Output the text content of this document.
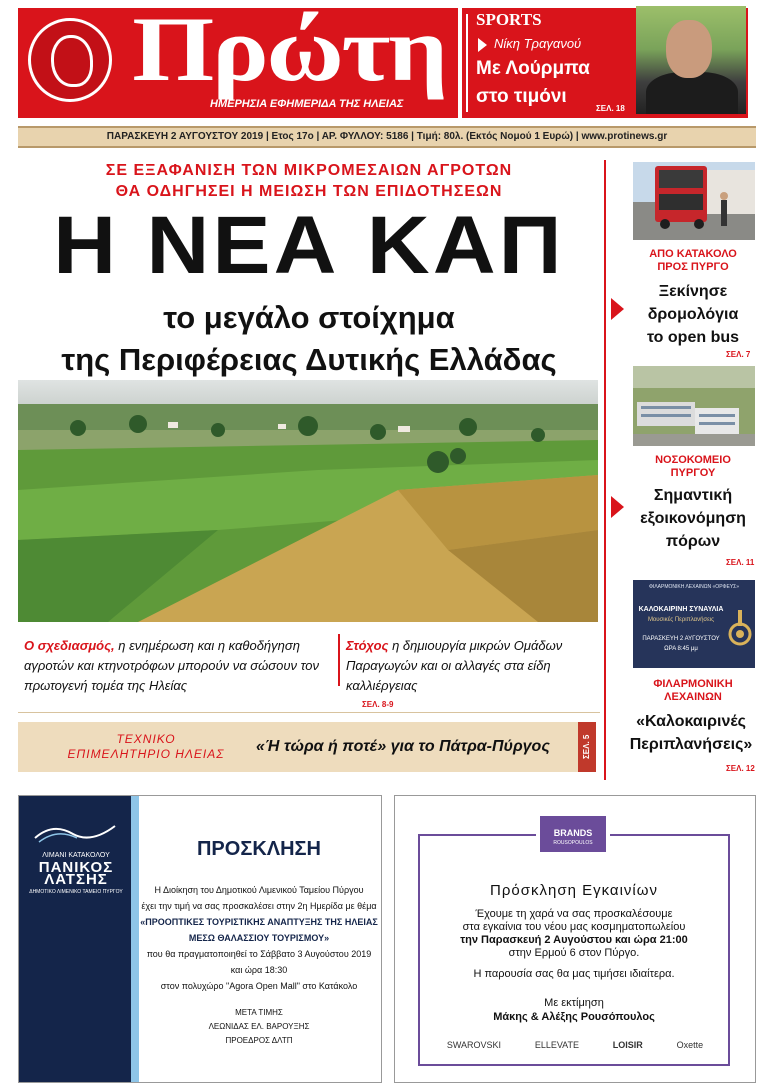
Πρώτη
ΗΜΕΡΗΣΙΑ ΕΦΗΜΕΡΙΔΑ ΤΗΣ ΗΛΕΙΑΣ
SPORTS
Νίκη Τραγανού
Με Λούρμπα
στο τιμόνι
ΣΕΛ. 18
ΠΑΡΑΣΚΕΥΗ 2 ΑΥΓΟΥΣΤΟΥ 2019 | Ετος 17ο | ΑΡ. ΦΥΛΛΟΥ: 5186 | Τιμή: 80λ. (Εκτός Νομού 1 Ευρώ) | www.protinews.gr
ΣΕ ΕΞΑΦΑΝΙΣΗ ΤΩΝ ΜΙΚΡΟΜΕΣΑΙΩΝ ΑΓΡΟΤΩΝ
ΘΑ ΟΔΗΓΗΣΕΙ Η ΜΕΙΩΣΗ ΤΩΝ ΕΠΙΔΟΤΗΣΕΩΝ
Η ΝΕΑ ΚΑΠ
το μεγάλο στοίχημα
της Περιφέρειας Δυτικής Ελλάδας
Ο σχεδιασμός, η ενημέρωση και η καθοδήγηση αγροτών και κτηνοτρόφων μπορούν να σώσουν τον πρωτογενή τομέα της Ηλείας
Στόχος η δημιουργία μικρών Ομάδων Παραγωγών και οι αλλαγές στα είδη καλλιέργειας
ΣΕΛ. 8-9
ΤΕΧΝΙΚΟ
ΕΠΙΜΕΛΗΤΗΡΙΟ ΗΛΕΙΑΣ	«Ή τώρα ή ποτέ» για το Πάτρα-Πύργος	ΣΕΛ. 5
ΑΠΟ ΚΑΤΑΚΟΛΟ
ΠΡΟΣ ΠΥΡΓΟ
Ξεκίνησε
δρομολόγια
το open bus
ΣΕΛ. 7
ΝΟΣΟΚΟΜΕΙΟ
ΠΥΡΓΟΥ
Σημαντική
εξοικονόμηση
πόρων
ΣΕΛ. 11
ΦΙΛΑΡΜΟΝΙΚΗ ΛΕΧΑΙΝΩΝ «ΟΡΦΕΥΣ»
ΚΑΛΟΚΑΙΡΙΝΗ ΣΥΝΑΥΛΙΑ
Μουσικές Περιπλανήσεις
ΠΑΡΑΣΚΕΥΗ 2 ΑΥΓΟΥΣΤΟΥ
ΩΡΑ 8:45 μμ
ΦΙΛΑΡΜΟΝΙΚΗ
ΛΕΧΑΙΝΩΝ
«Καλοκαιρινές
Περιπλανήσεις»
ΣΕΛ. 12
ΛΙΜΑΝΙ ΚΑΤΑΚΟΛΟΥ
ΠΑΝΙΚΟΣ ΛΑΤΣΗΣ
ΔΗΜΟΤΙΚΟ ΛΙΜΕΝΙΚΟ ΤΑΜΕΙΟ ΠΥΡΓΟΥ
ΠΡΟΣΚΛΗΣΗ
Η Διοίκηση του Δημοτικού Λιμενικού Ταμείου Πύργου
έχει την τιμή να σας προσκαλέσει στην 2η Ημερίδα με θέμα
«ΠΡΟΟΠΤΙΚΕΣ ΤΟΥΡΙΣΤΙΚΗΣ ΑΝΑΠΤΥΞΗΣ ΤΗΣ ΗΛΕΙΑΣ
ΜΕΣΩ ΘΑΛΑΣΣΙΟΥ ΤΟΥΡΙΣΜΟΥ»
που θα πραγματοποιηθεί το Σάββατο 3 Αυγούστου 2019 και ώρα 18:30
στον πολυχώρο "Agora Open Mall" στο Κατάκολο
ΜΕΤΑ ΤΙΜΗΣ
ΛΕΩΝΙΔΑΣ ΕΛ. ΒΑΡΟΥΞΗΣ
ΠΡΟΕΔΡΟΣ ΔΛΤΠ
BRANDS
ROUSOPOULOS
Πρόσκληση Εγκαινίων
Έχουμε τη χαρά να σας προσκαλέσουμε
στα εγκαίνια του νέου μας κοσμηματοπωλείου
την Παρασκευή 2 Αυγούστου και ώρα 21:00
στην Ερμού 6 στον Πύργο.
Η παρουσία σας θα μας τιμήσει ιδιαίτερα.
Με εκτίμηση
Μάκης & Αλέξης Ρουσόπουλος
SWAROVSKI	ELLEVATE	LOISIR	Oxette
